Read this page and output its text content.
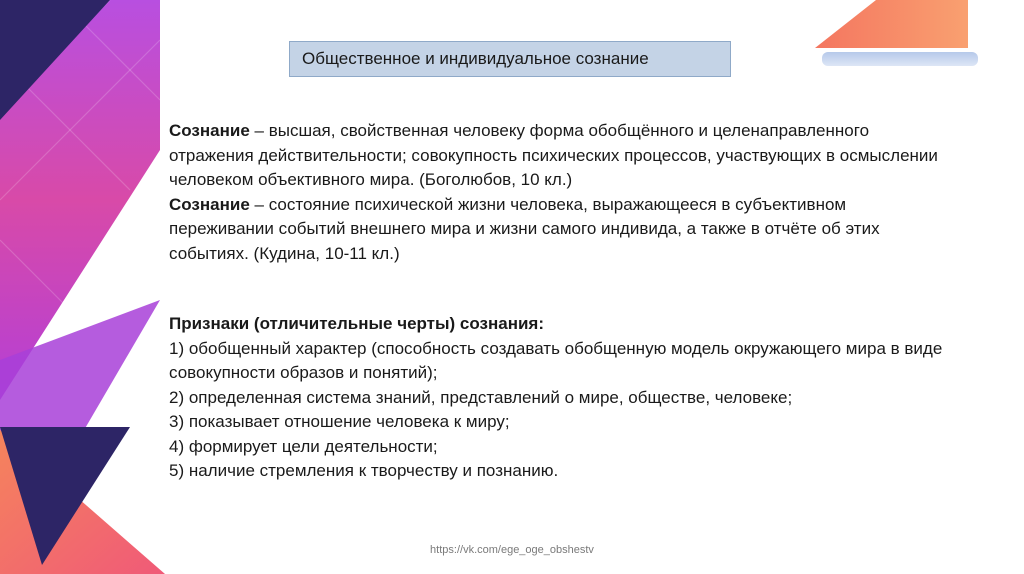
Общественное и индивидуальное сознание

Сознание – высшая, свойственная человеку форма обобщённого и целенаправленного отражения действительности; совокупность психических процессов, участвующих в осмыслении человеком объективного мира. (Боголюбов, 10 кл.)

Сознание – состояние психической жизни человека, выражающееся в субъективном переживании событий внешнего мира и жизни самого индивида, а также в отчёте об этих событиях. (Кудина, 10-11 кл.)

Признаки (отличительные черты) сознания:

1) обобщенный характер (способность создавать обобщенную модель окружающего мира в виде совокупности образов и понятий);

2) определенная система знаний, представлений о мире, обществе, человеке;

3) показывает отношение человека к миру;

4) формирует цели деятельности;

5) наличие стремления к творчеству и познанию.

https://vk.com/ege_oge_obshestv
